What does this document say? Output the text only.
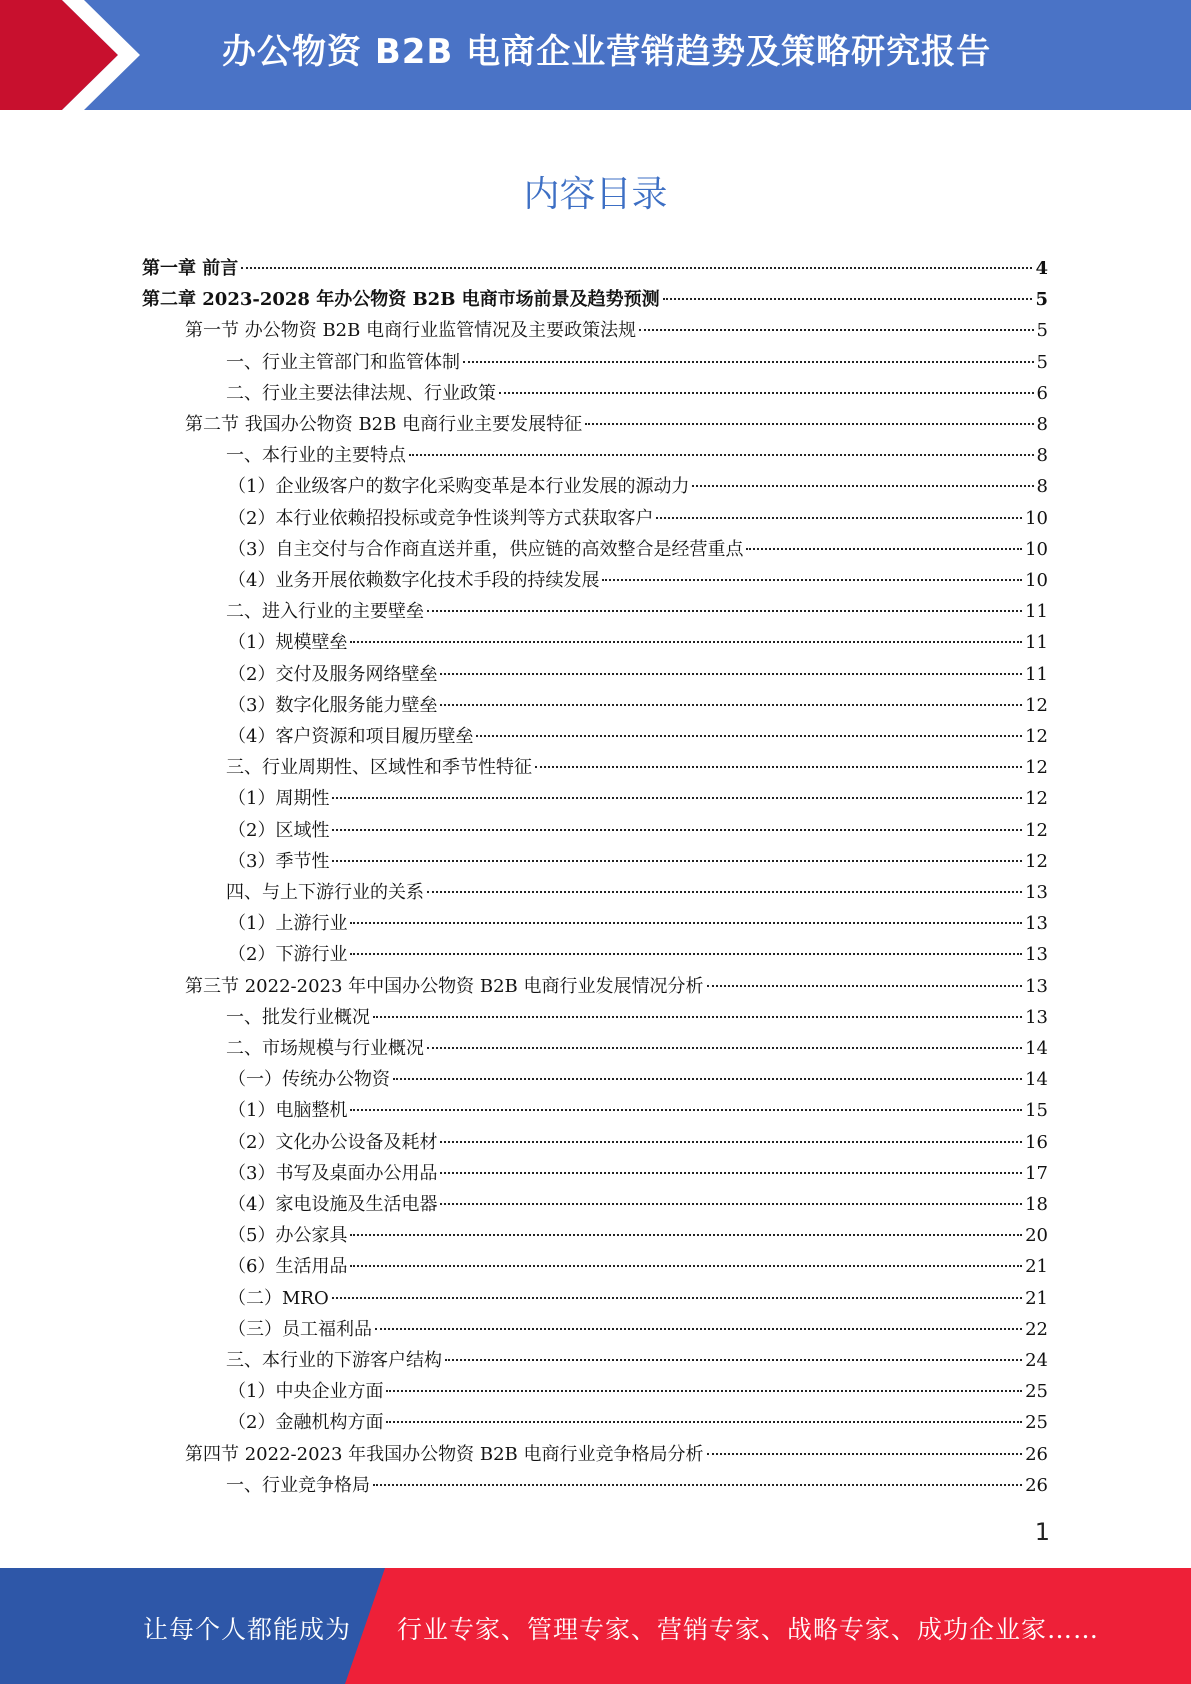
办公物资 B2B 电商企业营销趋势及策略研究报告
内容目录
第一章 前言	4
第二章 2023-2028 年办公物资 B2B 电商市场前景及趋势预测	5
第一节 办公物资 B2B 电商行业监管情况及主要政策法规	5
一、行业主管部门和监管体制	5
二、行业主要法律法规、行业政策	6
第二节 我国办公物资 B2B 电商行业主要发展特征	8
一、本行业的主要特点	8
（1）企业级客户的数字化采购变革是本行业发展的源动力	8
（2）本行业依赖招投标或竞争性谈判等方式获取客户	10
（3）自主交付与合作商直送并重，供应链的高效整合是经营重点	10
（4）业务开展依赖数字化技术手段的持续发展	10
二、进入行业的主要壁垒	11
（1）规模壁垒	11
（2）交付及服务网络壁垒	11
（3）数字化服务能力壁垒	12
（4）客户资源和项目履历壁垒	12
三、行业周期性、区域性和季节性特征	12
（1）周期性	12
（2）区域性	12
（3）季节性	12
四、与上下游行业的关系	13
（1）上游行业	13
（2）下游行业	13
第三节 2022-2023 年中国办公物资 B2B 电商行业发展情况分析	13
一、批发行业概况	13
二、市场规模与行业概况	14
（一）传统办公物资	14
（1）电脑整机	15
（2）文化办公设备及耗材	16
（3）书写及桌面办公用品	17
（4）家电设施及生活电器	18
（5）办公家具	20
（6）生活用品	21
（二）MRO	21
（三）员工福利品	22
三、本行业的下游客户结构	24
（1）中央企业方面	25
（2）金融机构方面	25
第四节 2022-2023 年我国办公物资 B2B 电商行业竞争格局分析	26
一、行业竞争格局	26
1
让每个人都能成为 行业专家、管理专家、营销专家、战略专家、成功企业家……
